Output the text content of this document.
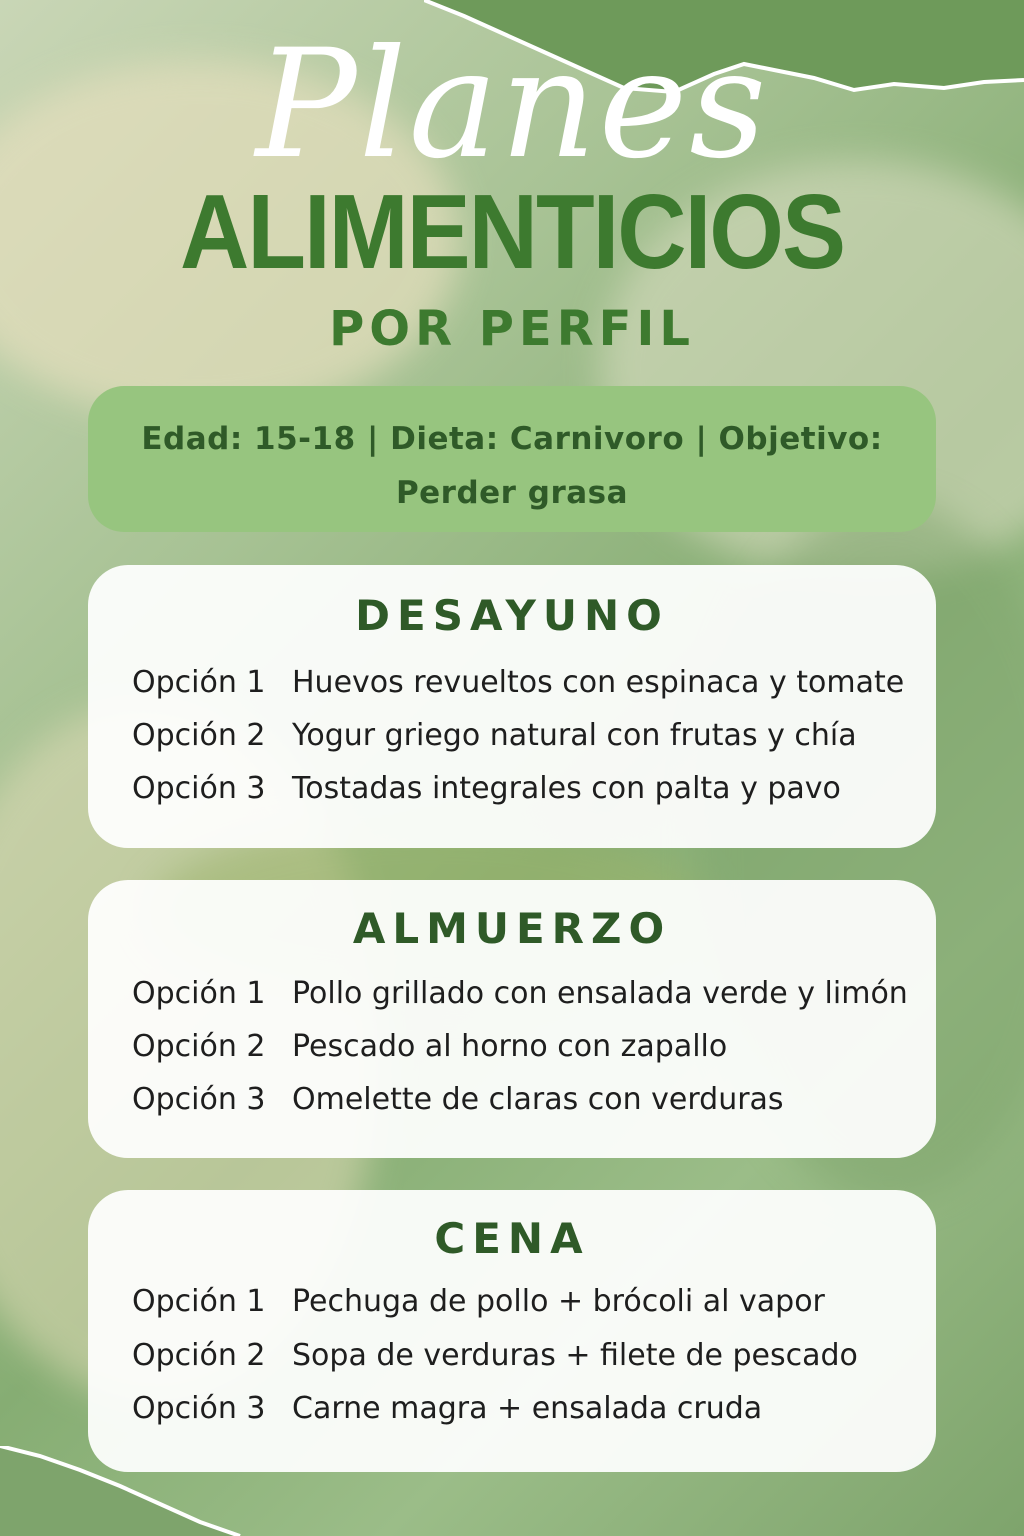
Planes
ALIMENTICIOS
POR PERFIL
Edad: 15-18 | Dieta: Carnivoro | Objetivo:
Perder grasa
DESAYUNO
Opción 1 Huevos revueltos con espinaca y tomate
Opción 2 Yogur griego natural con frutas y chía
Opción 3 Tostadas integrales con palta y pavo
ALMUERZO
Opción 1 Pollo grillado con ensalada verde y limón
Opción 2 Pescado al horno con zapallo
Opción 3 Omelette de claras con verduras
CENA
Opción 1 Pechuga de pollo + brócoli al vapor
Opción 2 Sopa de verduras + filete de pescado
Opción 3 Carne magra + ensalada cruda
